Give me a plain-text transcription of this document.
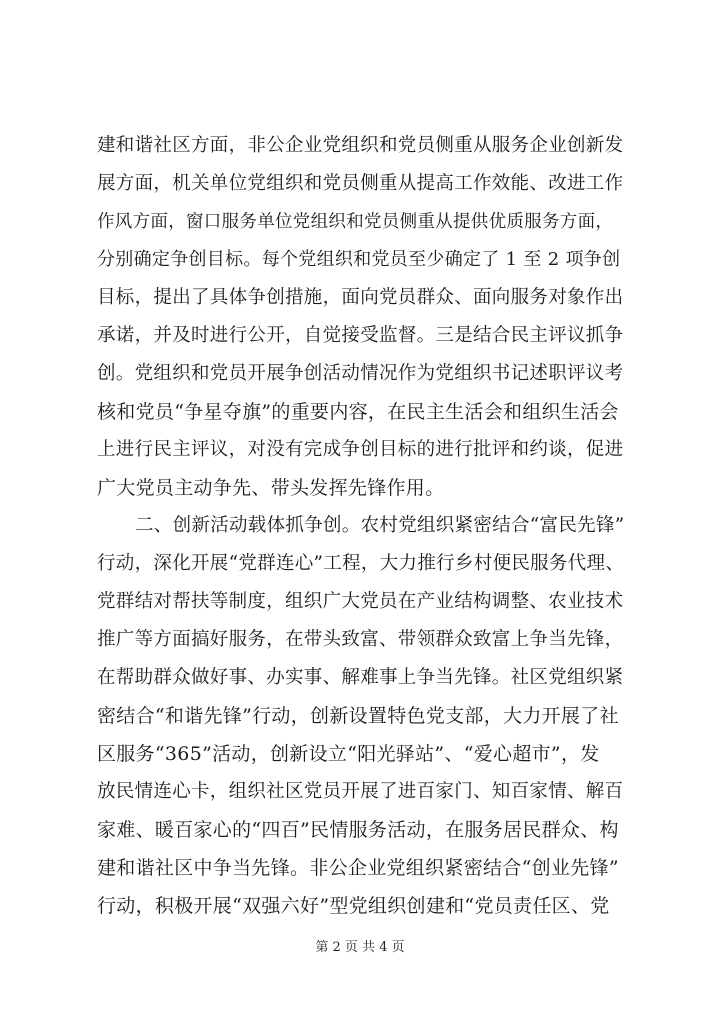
建和谐社区方面，非公企业党组织和党员侧重从服务企业创新发
展方面，机关单位党组织和党员侧重从提高工作效能、改进工作
作风方面，窗口服务单位党组织和党员侧重从提供优质服务方面，
分别确定争创目标。每个党组织和党员至少确定了 1 至 2 项争创
目标，提出了具体争创措施，面向党员群众、面向服务对象作出
承诺，并及时进行公开，自觉接受监督。三是结合民主评议抓争
创。党组织和党员开展争创活动情况作为党组织书记述职评议考
核和党员“争星夺旗”的重要内容，在民主生活会和组织生活会
上进行民主评议，对没有完成争创目标的进行批评和约谈，促进
广大党员主动争先、带头发挥先锋作用。
二、创新活动载体抓争创。农村党组织紧密结合“富民先锋”
行动，深化开展“党群连心”工程，大力推行乡村便民服务代理、
党群结对帮扶等制度，组织广大党员在产业结构调整、农业技术
推广等方面搞好服务，在带头致富、带领群众致富上争当先锋，
在帮助群众做好事、办实事、解难事上争当先锋。社区党组织紧
密结合“和谐先锋”行动，创新设置特色党支部，大力开展了社
区服务“365”活动，创新设立“阳光驿站”、“爱心超市”，发
放民情连心卡，组织社区党员开展了进百家门、知百家情、解百
家难、暖百家心的“四百”民情服务活动，在服务居民群众、构
建和谐社区中争当先锋。非公企业党组织紧密结合“创业先锋”
行动，积极开展“双强六好”型党组织创建和“党员责任区、党
第 2 页 共 4 页
